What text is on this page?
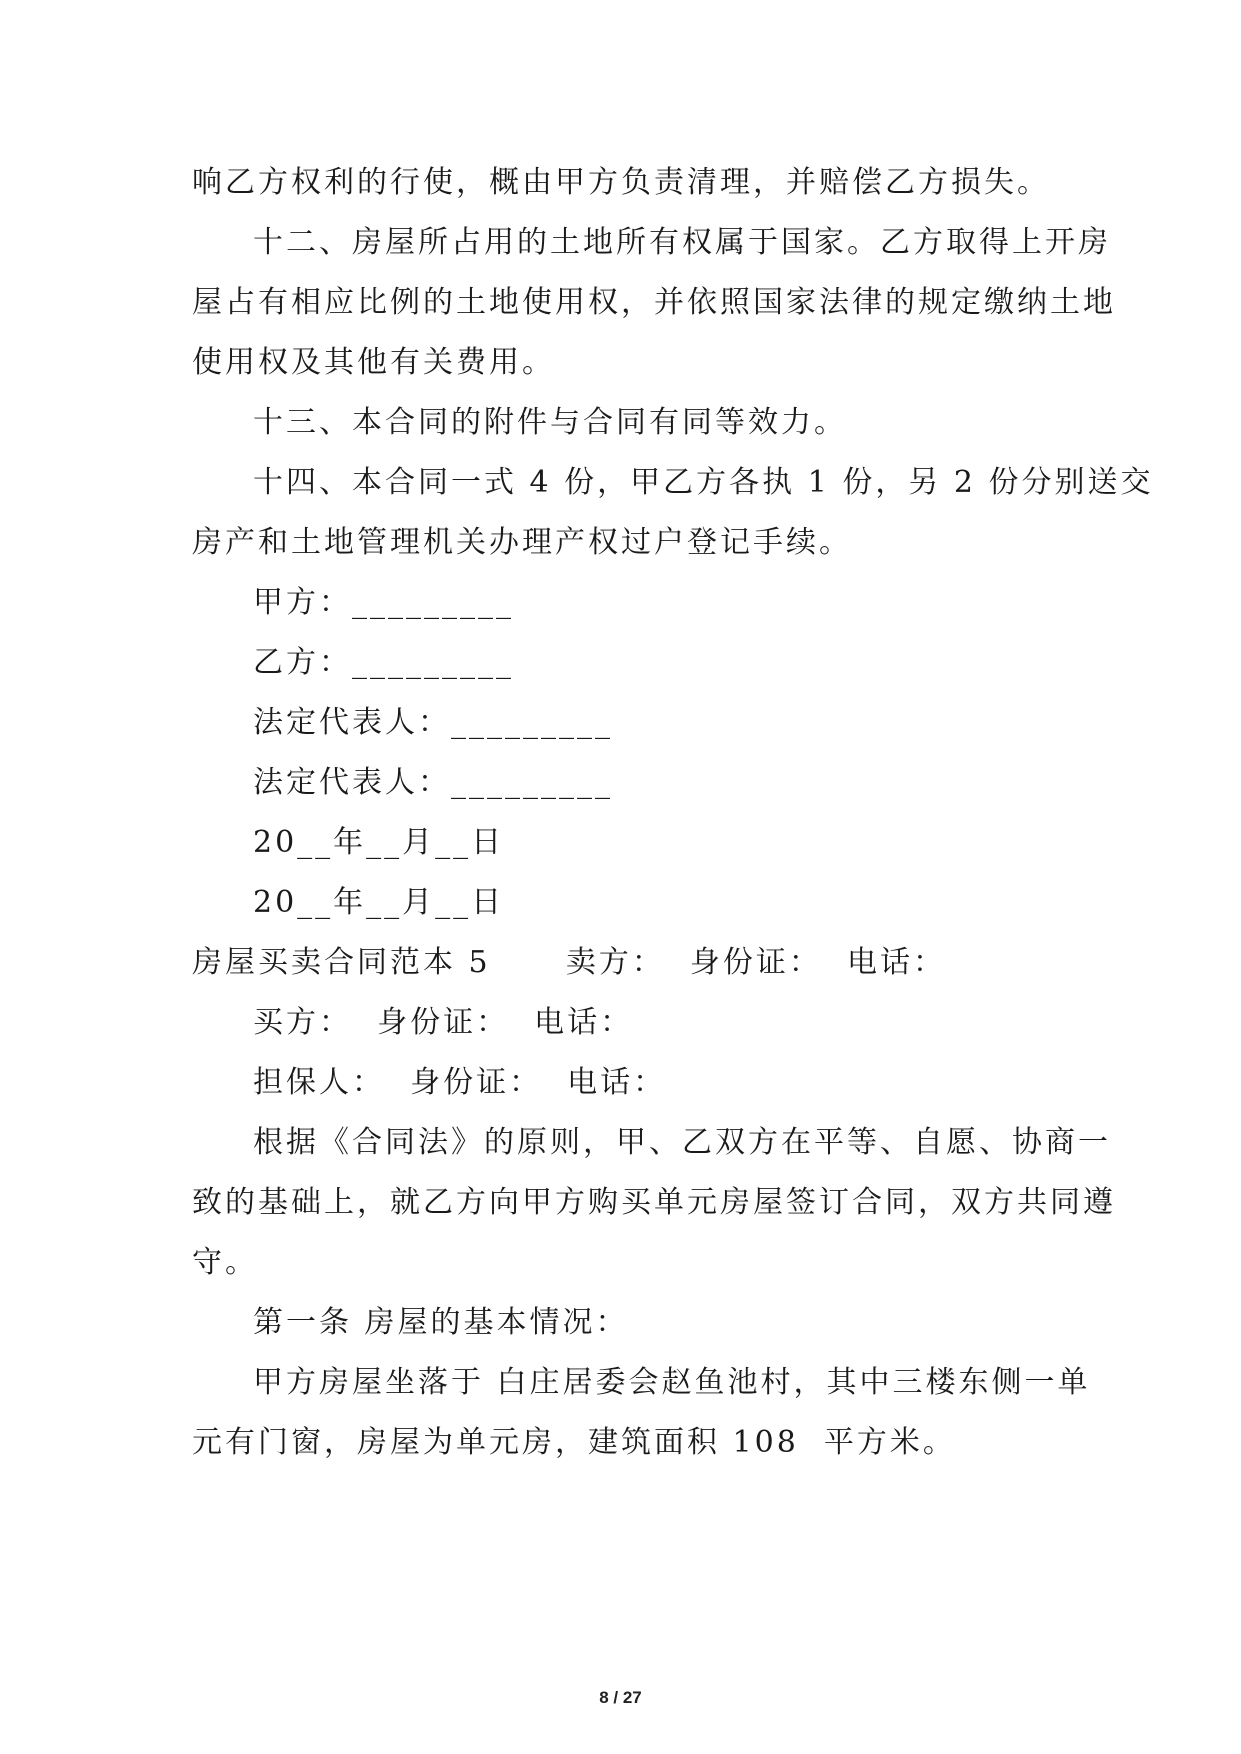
响乙方权利的行使，概由甲方负责清理，并赔偿乙方损失。
十二、房屋所占用的土地所有权属于国家。乙方取得上开房
屋占有相应比例的土地使用权，并依照国家法律的规定缴纳土地
使用权及其他有关费用。
十三、本合同的附件与合同有同等效力。
十四、本合同一式 4 份，甲乙方各执 1 份，另 2 份分别送交
房产和土地管理机关办理产权过户登记手续。
甲方：_________
乙方：_________
法定代表人：_________
法定代表人：_________
20__年__月__日
20__年__月__日
房屋买卖合同范本 5      卖方：  身份证：  电话：
买方：  身份证：  电话：
担保人：  身份证：  电话：
根据《合同法》的原则，甲、乙双方在平等、自愿、协商一
致的基础上，就乙方向甲方购买单元房屋签订合同，双方共同遵
守。
第一条 房屋的基本情况：
甲方房屋坐落于 白庄居委会赵鱼池村，其中三楼东侧一单
元有门窗，房屋为单元房，建筑面积 108  平方米。
8 / 27
